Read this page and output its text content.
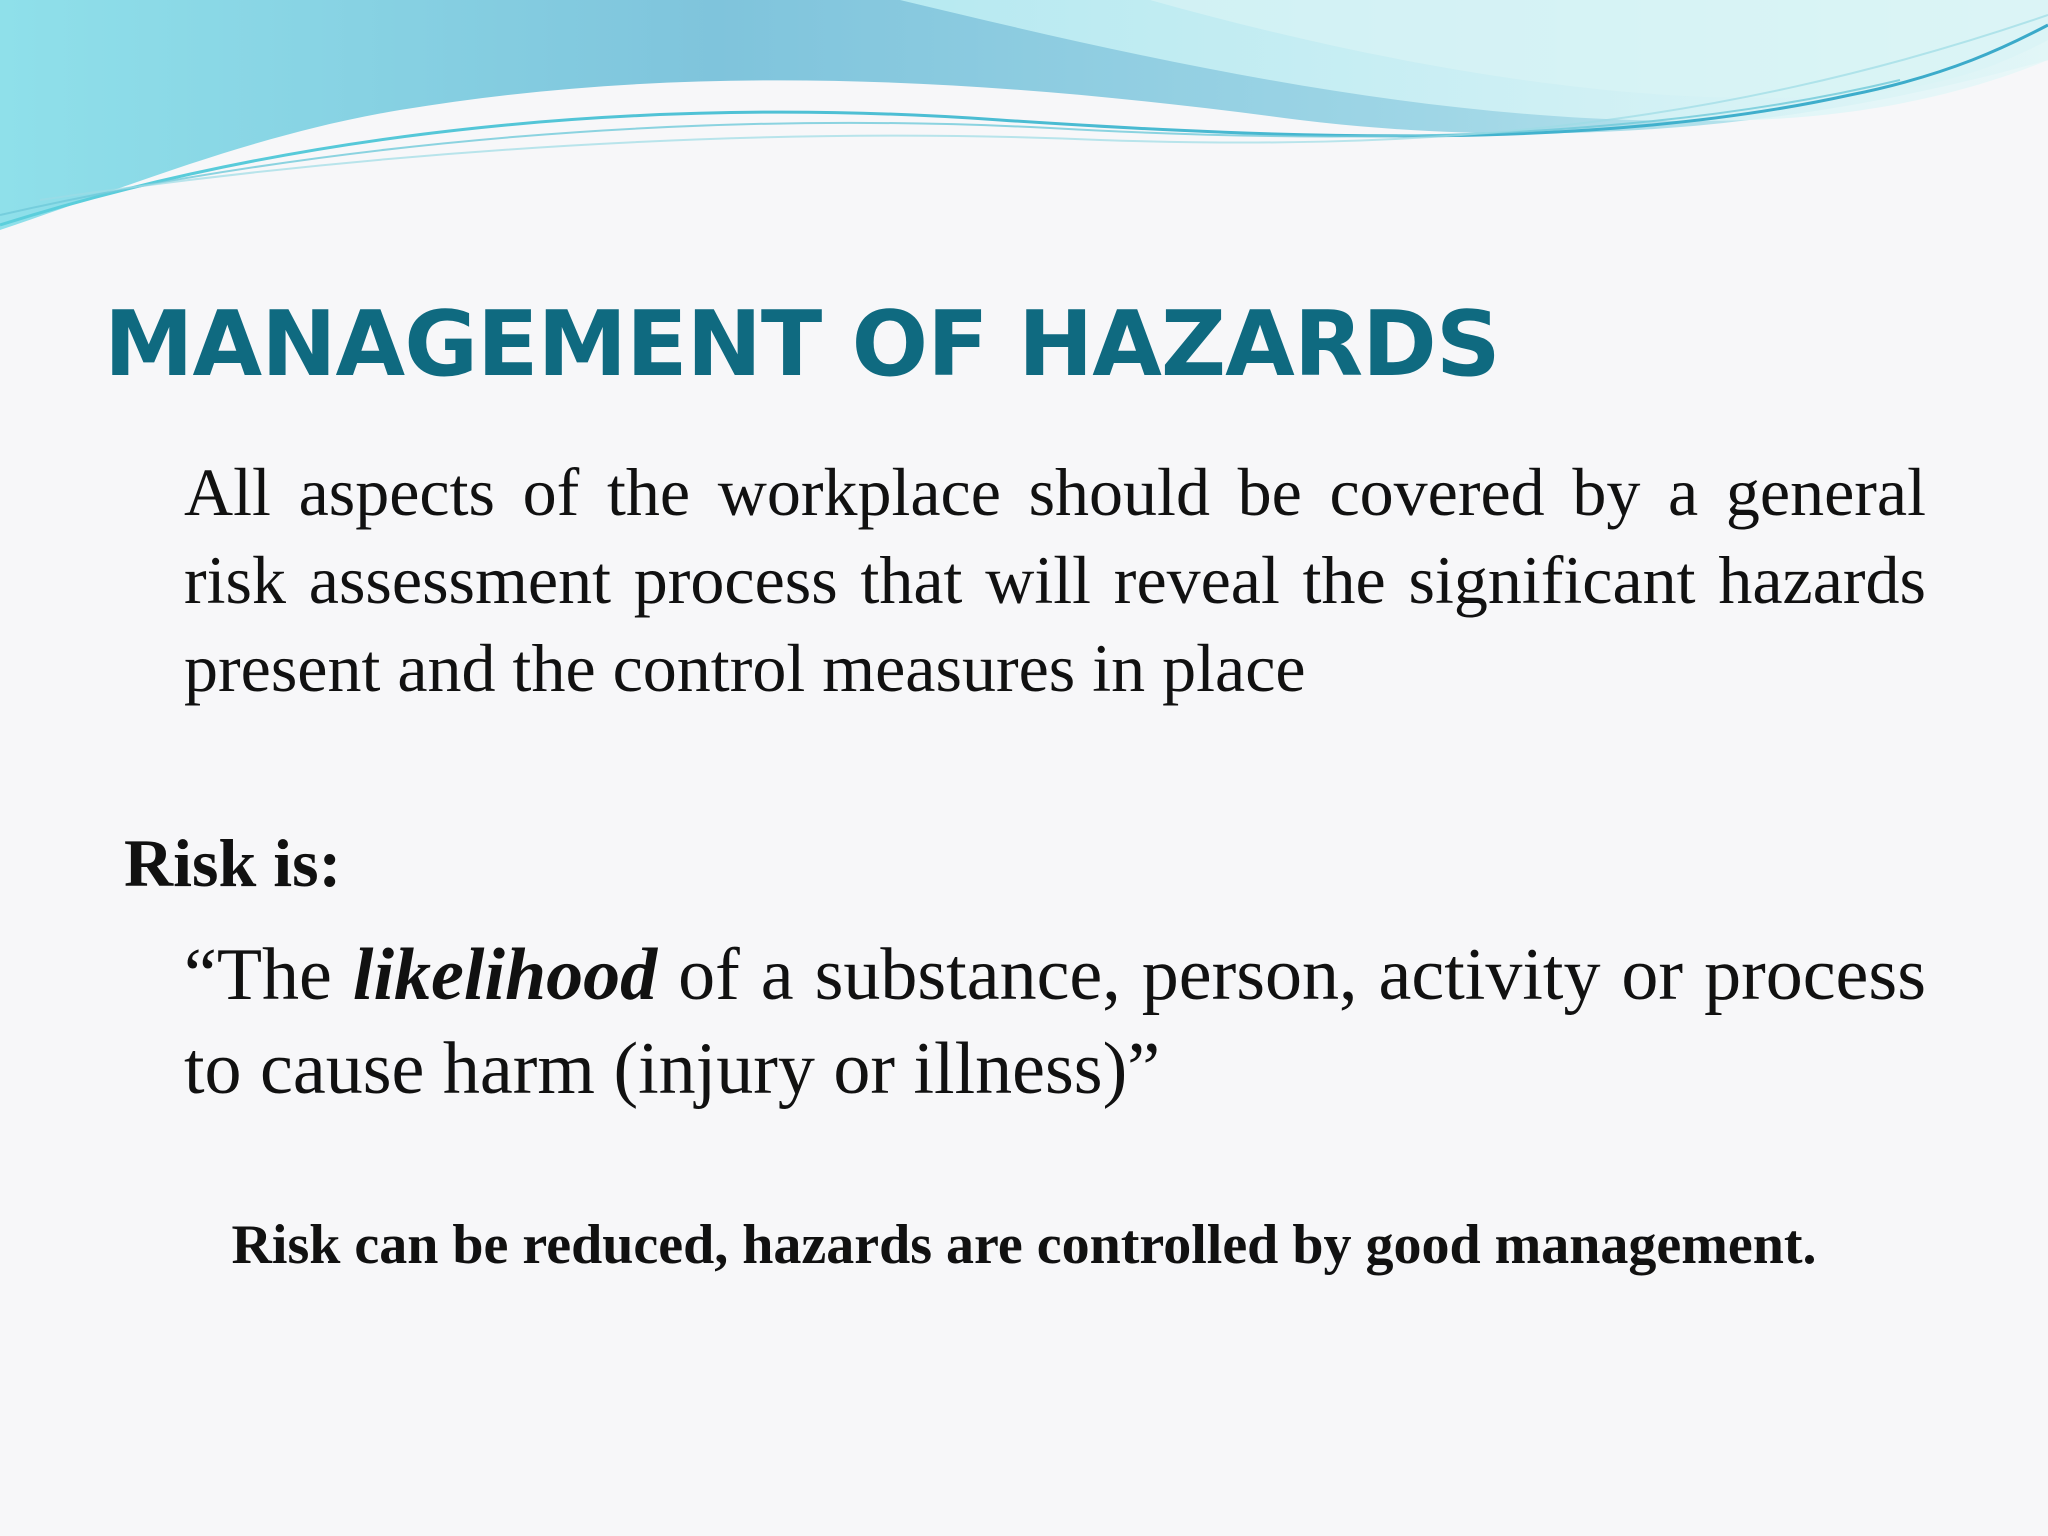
MANAGEMENT OF HAZARDS

All aspects of the workplace should be covered by a general risk assessment process that will reveal the significant hazards present and the control measures in place

Risk is:

“The likelihood of a substance, person, activity or process to cause harm (injury or illness)”

Risk can be reduced, hazards are controlled by good management.
